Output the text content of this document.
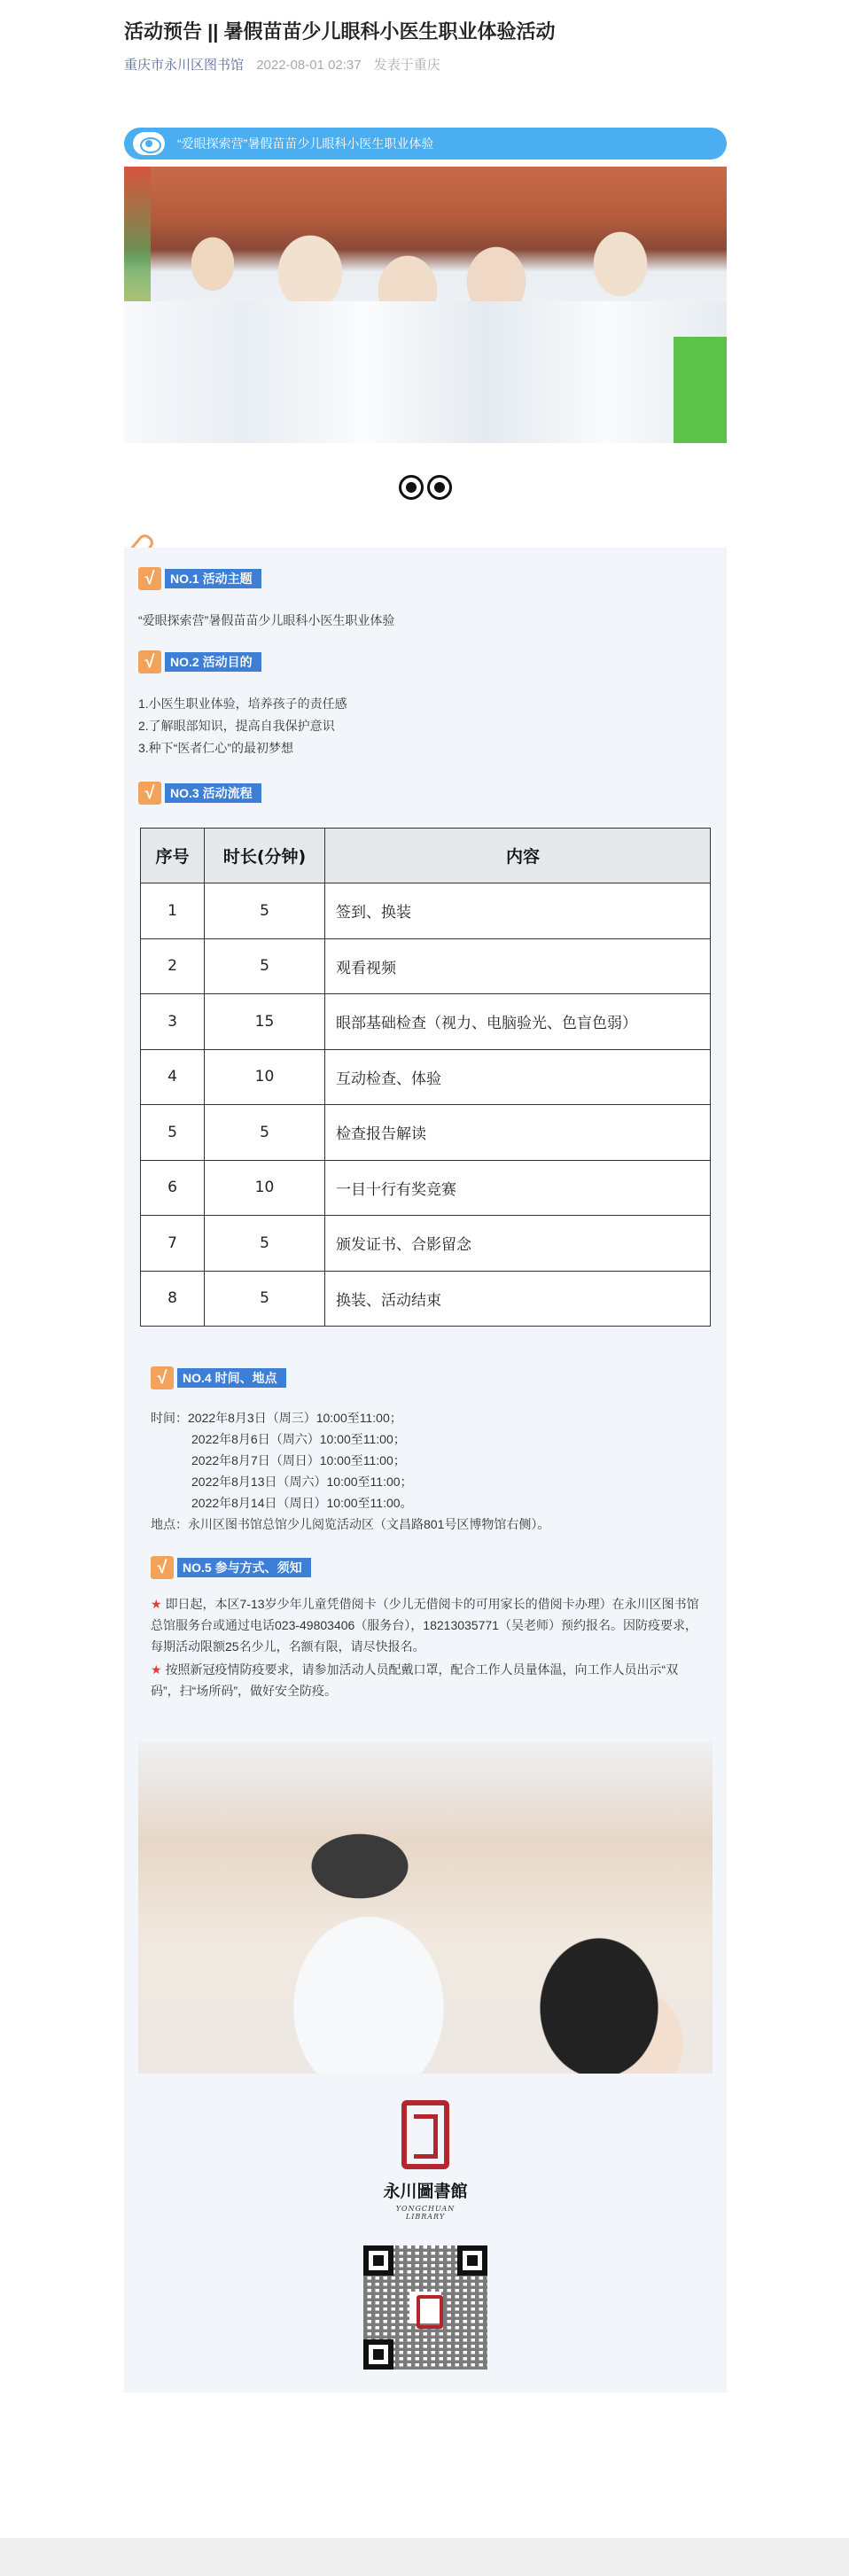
活动预告 || 暑假苗苗少儿眼科小医生职业体验活动
重庆市永川区图书馆 2022-08-01 02:37 发表于重庆
“爱眼探索营”暑假苗苗少儿眼科小医生职业体验
√	NO.1 活动主题
“爱眼探索营”暑假苗苗少儿眼科小医生职业体验
√	NO.2 活动目的
1.小医生职业体验，培养孩子的责任感
2.了解眼部知识，提高自我保护意识
3.种下“医者仁心”的最初梦想
√	NO.3 活动流程
序号	时长(分钟)	内容
1	5	签到、换装
2	5	观看视频
3	15	眼部基础检查（视力、电脑验光、色盲色弱）
4	10	互动检查、体验
5	5	检查报告解读
6	10	一目十行有奖竞赛
7	5	颁发证书、合影留念
8	5	换装、活动结束
√	NO.4 时间、地点
时间：2022年8月3日（周三）10:00至11:00；
2022年8月6日（周六）10:00至11:00；
2022年8月7日（周日）10:00至11:00；
2022年8月13日（周六）10:00至11:00；
2022年8月14日（周日）10:00至11:00。
地点：永川区图书馆总馆少儿阅览活动区（文昌路801号区博物馆右侧）。
√	NO.5 参与方式、须知
★ 即日起，本区7-13岁少年儿童凭借阅卡（少儿无借阅卡的可用家长的借阅卡办理）在永川区图书馆总馆服务台或通过电话023-49803406（服务台），18213035771（吴老师）预约报名。因防疫要求，每期活动限额25名少儿，名额有限，请尽快报名。
★ 按照新冠疫情防疫要求，请参加活动人员配戴口罩，配合工作人员量体温，向工作人员出示“双码”，扫“场所码”，做好安全防疫。
永川圖書館
YONGCHUAN LIBRARY
